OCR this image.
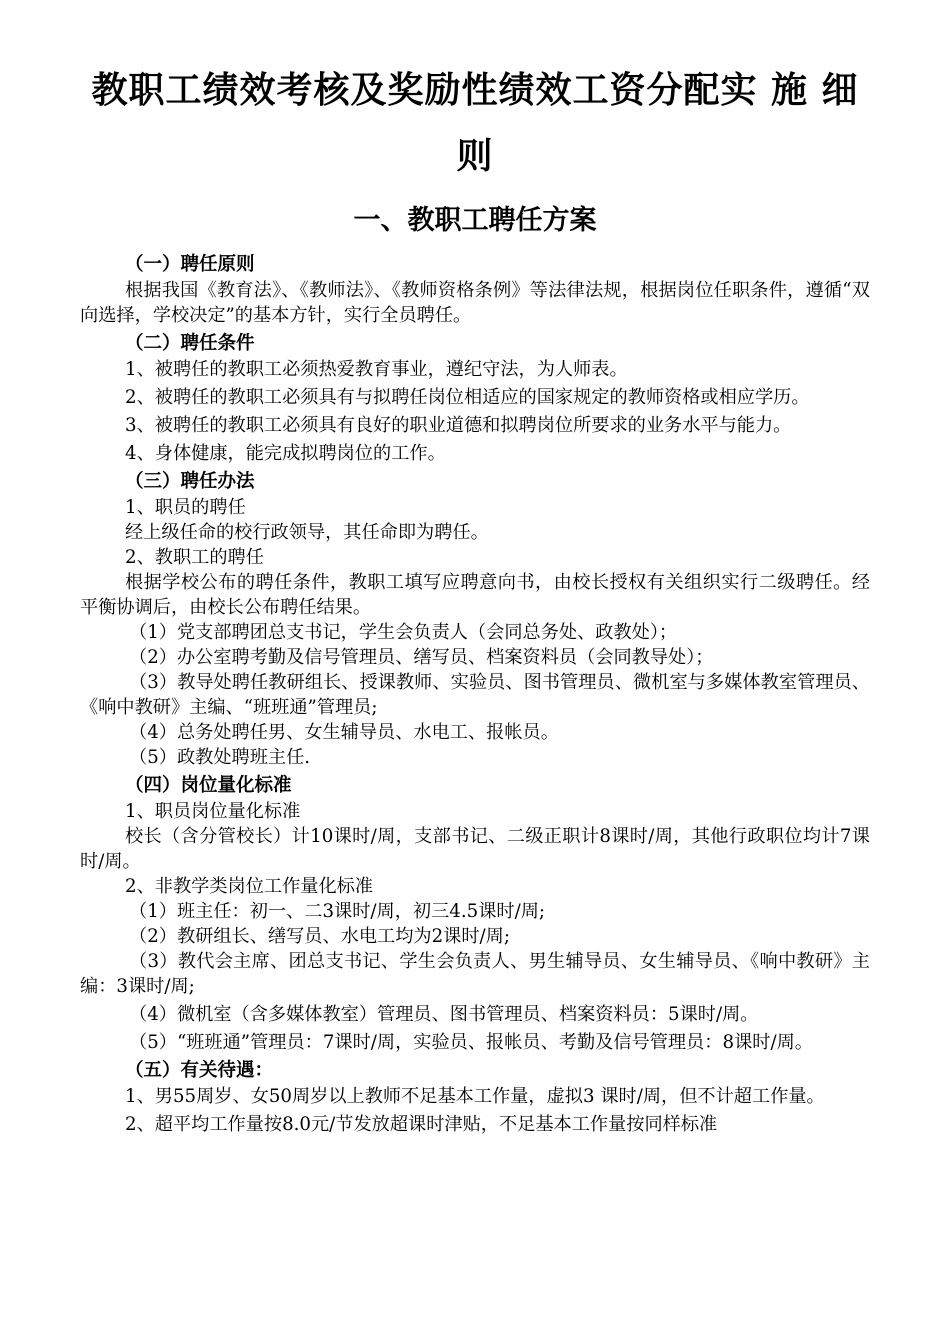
教职工绩效考核及奖励性绩效工资分配实 施 细
则
一、教职工聘任方案
（一）聘任原则

根据我国《教育法》、《教师法》、《教师资格条例》等法律法规，根据岗位任职条件，遵循“双向选择，学校决定”的基本方针，实行全员聘任。

（二）聘任条件

1、被聘任的教职工必须热爱教育事业，遵纪守法，为人师表。

2、被聘任的教职工必须具有与拟聘任岗位相适应的国家规定的教师资格或相应学历。

3、被聘任的教职工必须具有良好的职业道德和拟聘岗位所要求的业务水平与能力。

4、身体健康，能完成拟聘岗位的工作。

（三）聘任办法

1、职员的聘任

经上级任命的校行政领导，其任命即为聘任。

2、教职工的聘任

根据学校公布的聘任条件，教职工填写应聘意向书，由校长授权有关组织实行二级聘任。经平衡协调后，由校长公布聘任结果。

（1）党支部聘团总支书记，学生会负责人（会同总务处、政教处）；

（2）办公室聘考勤及信号管理员、缮写员、档案资料员（会同教导处）；

（3）教导处聘任教研组长、授课教师、实验员、图书管理员、微机室与多媒体教室管理员、《响中教研》主编、“班班通”管理员;

（4）总务处聘任男、女生辅导员、水电工、报帐员。

（5）政教处聘班主任.

（四）岗位量化标准

1、职员岗位量化标准

校长（含分管校长）计10课时/周，支部书记、二级正职计8课时/周，其他行政职位均计7课时/周。

2、非教学类岗位工作量化标准

（1）班主任：初一、二3课时/周，初三4.5课时/周;

（2）教研组长、缮写员、水电工均为2课时/周;

（3）教代会主席、团总支书记、学生会负责人、男生辅导员、女生辅导员、《响中教研》主编：3课时/周;

（4）微机室（含多媒体教室）管理员、图书管理员、档案资料员：5课时/周。

（5）“班班通”管理员：7课时/周，实验员、报帐员、考勤及信号管理员：8课时/周。

（五）有关待遇：

1、男55周岁、女50周岁以上教师不足基本工作量，虚拟3 课时/周，但不计超工作量。

2、超平均工作量按8.0元/节发放超课时津贴，不足基本工作量按同样标准
